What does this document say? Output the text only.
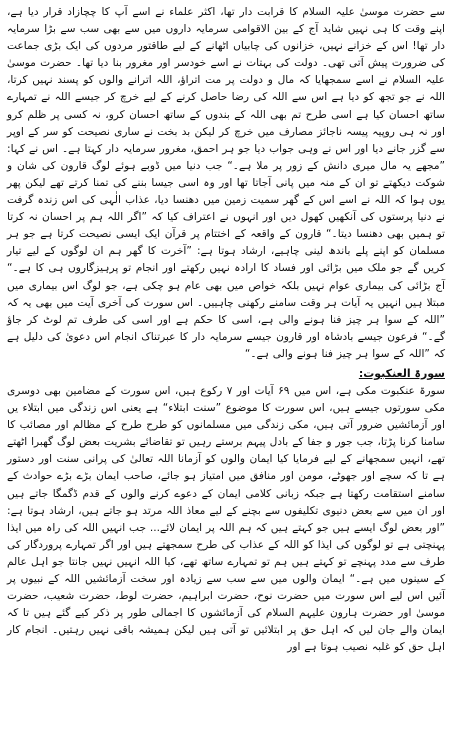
سے حضرت موسیٰ علیہ السلام کا قرابت دار تھا، اکثر علماء نے اسے آپ کا چچازاد قرار دیا ہے، اپنے وقت کا ہی نہیں شاید آج کے بین الاقوامی سرمایہ داروں میں سے بھی سب سے بڑا سرمایہ دار تھا! اس کے خزانے نہیں، خزانوں کی چابیاں اٹھانے کے لیے طاقتور مردوں کی ایک بڑی جماعت کی ضرورت پیش آتی تھی۔ دولت کی بہتات نے اسے خودسر اور مغرور بنا دیا تھا۔ حضرت موسیٰ علیہ السلام نے اسے سمجھایا کہ مال و دولت پر مت اتراؤ، اللہ اترانے والوں کو پسند نہیں کرتا، اللہ نے جو تجھ کو دیا ہے اس سے اللہ کی رضا حاصل کرنے کے لیے خرچ کر جیسے اللہ نے تمہارے ساتھ احسان کیا ہے اسی طرح تم بھی اللہ کے بندوں کے ساتھ احسان کرو، نہ کسی پر ظلم کرو اور نہ ہی روپیہ پیسہ ناجائز مصارف میں خرچ کر لیکن بد بخت نے ساری نصیحت کو سر کے اوپر سے گزر جانے دیا اور اس نے وہی جواب دیا جو ہر احمق، مغرور سرمایہ دار کہتا ہے۔ اس نے کہا: ”مجھے یہ مال میری دانش کے زور پر ملا ہے۔“ جب دنیا میں ڈوبے ہوئے لوگ قارون کی شان و شوکت دیکھتے تو ان کے منہ میں پانی آجاتا تھا اور وہ اسی جیسا بننے کی تمنا کرتے تھے لیکن پھر یوں ہوا کہ اللہ نے اسے اس کے گھر سمیت زمین میں دھنسا دیا، عذاب الٰہی کی اس زندہ گرفت نے دنیا پرستوں کی آنکھیں کھول دیں اور انہوں نے اعتراف کیا کہ ”اگر اللہ ہم پر احسان نہ کرتا تو ہمیں بھی دھنسا دیتا۔“ قارون کے واقعہ کے اختتام پر قرآن ایک ایسی نصیحت کرتا ہے جو ہر مسلمان کو اپنے پلے باندھ لینی چاہیے، ارشاد ہوتا ہے: ”آخرت کا گھر ہم ان لوگوں کے لیے تیار کریں گے جو ملک میں بڑائی اور فساد کا ارادہ نہیں رکھتے اور انجام تو پرہیزگاروں ہی کا ہے۔“ آج بڑائی کی بیماری عوام نہیں بلکہ خواص میں بھی عام ہو چکی ہے، جو لوگ اس بیماری میں مبتلا ہیں انہیں یہ آیات ہر وقت سامنے رکھنی چاہییں۔ اس سورت کی آخری آیت میں بھی یہ کہ ”اللہ کے سوا ہر چیز فنا ہونے والی ہے، اسی کا حکم ہے اور اسی کی طرف تم لوٹ کر جاؤ گے۔“ فرعون جیسے بادشاہ اور قارون جیسے سرمایہ دار کا عبرتناک انجام اس دعویٰ کی دلیل ہے کہ ”اللہ کے سوا ہر چیز فنا ہونے والی ہے۔“

سورۃ العنکبوت:

سورۃ عنکبوت مکی ہے، اس میں ۶۹ آیات اور ۷ رکوع ہیں، اس سورت کے مضامین بھی دوسری مکی سورتوں جیسے ہیں، اس سورت کا موضوع ”سنت ابتلاء“ ہے یعنی اس زندگی میں ابتلاء یں اور آزمائشیں ضرور آتی ہیں، مکی زندگی میں مسلمانوں کو طرح طرح کے مظالم اور مصائب کا سامنا کرنا پڑتا، جب جور و جفا کے بادل پیہم برستے رہیں تو تقاضائے بشریت بعض لوگ گھبرا اٹھتے تھے، انہیں سمجھانے کے لیے فرمایا کیا ایمان والوں کو آزمانا اللہ تعالیٰ کی پرانی سنت اور دستور ہے تا کہ سچے اور جھوٹے، مومن اور منافق میں امتیاز ہو جائے، صاحب ایمان بڑے بڑے حوادث کے سامنے استقامت رکھتا ہے جبکہ زبانی کلامی ایمان کے دعوے کرنے والوں کے قدم ڈگمگا جاتے ہیں اور ان میں سے بعض دنیوی تکلیفوں سے بچنے کے لیے معاذ اللہ مرتد ہو جاتے ہیں، ارشاد ہوتا ہے: ”اور بعض لوگ ایسے ہیں جو کہتے ہیں کہ ہم اللہ پر ایمان لائے... جب انہیں اللہ کی راہ میں ایذا پہنچتی ہے تو لوگوں کی ایذا کو اللہ کے عذاب کی طرح سمجھتے ہیں اور اگر تمہارے پروردگار کی طرف سے مدد پہنچے تو کہتے ہیں ہم تو تمہارے ساتھ تھے، کیا اللہ انہیں نہیں جانتا جو اہل عالم کے سینوں میں ہے۔“ ایمان والوں میں سے سب سے زیادہ اور سخت آزمائشیں اللہ کے نبیوں پر آئیں اس لیے اس سورت میں حضرت نوح، حضرت ابراہیم، حضرت لوط، حضرت شعیب، حضرت موسیٰ اور حضرت ہارون علیہم السلام کی آزمائشوں کا اجمالی طور پر ذکر کیے گئے ہیں تا کہ ایمان والے جان لیں کہ اہل حق پر ابتلائیں تو آتی ہیں لیکن ہمیشہ باقی نہیں رہتیں۔ انجام کار اہل حق کو غلبہ نصیب ہوتا ہے اور
